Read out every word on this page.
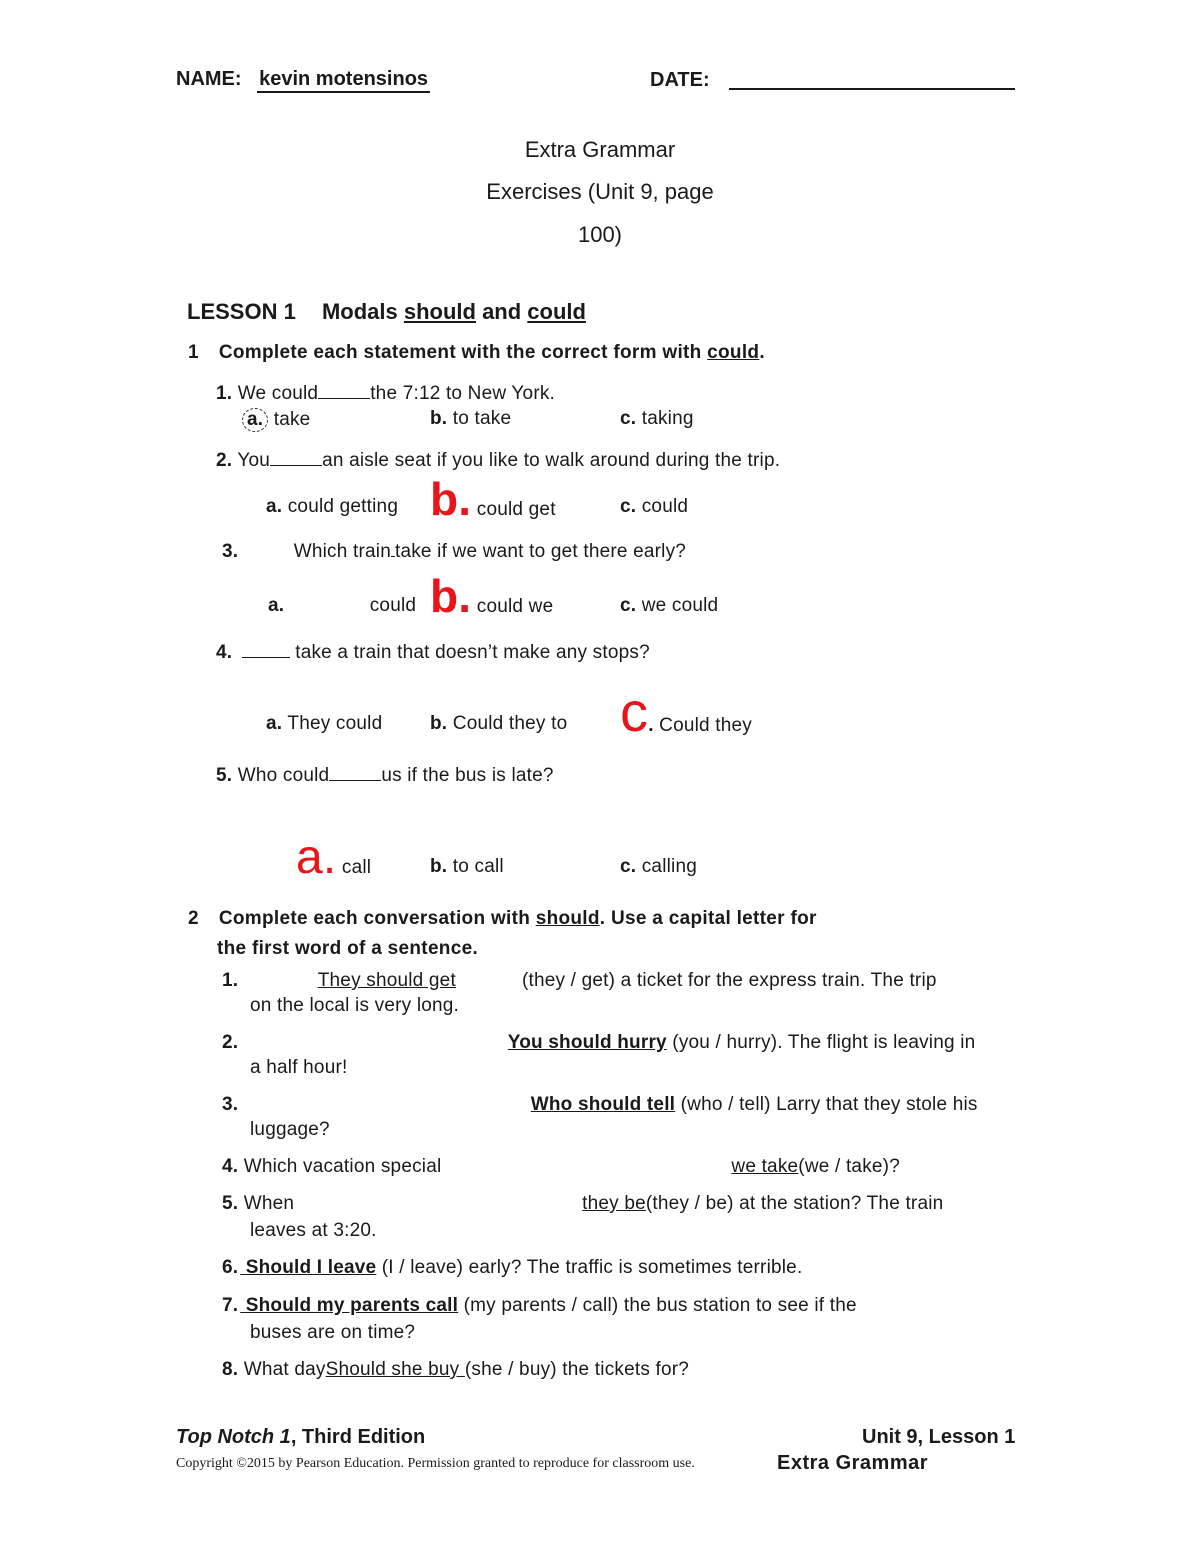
NAME: kevin motensinos	DATE:
Extra Grammar
Exercises (Unit 9, page
100)
LESSON 1 Modals should and could
1 Complete each statement with the correct form with could.
1. We could	the 7:12 to New York.
a. take	b. to take	c. taking
2. You	an aisle seat if you like to walk around during the trip.
a. could getting b. could get	c. could
3.	Which train take if we want to get there early?
a.	could b. could we	c. we could
4.	take a train that doesn’t make any stops?
a. They could	b. Could they to c. Could they
5. Who could	us if the bus is late?
a. call	b. to call	c. calling
2 Complete each conversation with should. Use a capital letter for
the first word of a sentence.
1.	They should get	(they / get) a ticket for the express train. The trip
on the local is very long.
2.	You should hurry (you / hurry). The flight is leaving in
a half hour!
3.	Who should tell (who / tell) Larry that they stole his
luggage?
4. Which vacation special	we take(we / take)?
5. When	they be(they / be) at the station? The train
leaves at 3:20.
6. Should I leave (I / leave) early? The traffic is sometimes terrible.
7. Should my parents call (my parents / call) the bus station to see if the
buses are on time?
8. What dayShould she buy (she / buy) the tickets for?
Top Notch 1, Third Edition	Unit 9, Lesson 1
Copyright ©2015 by Pearson Education. Permission granted to reproduce for classroom use.	Extra Grammar
